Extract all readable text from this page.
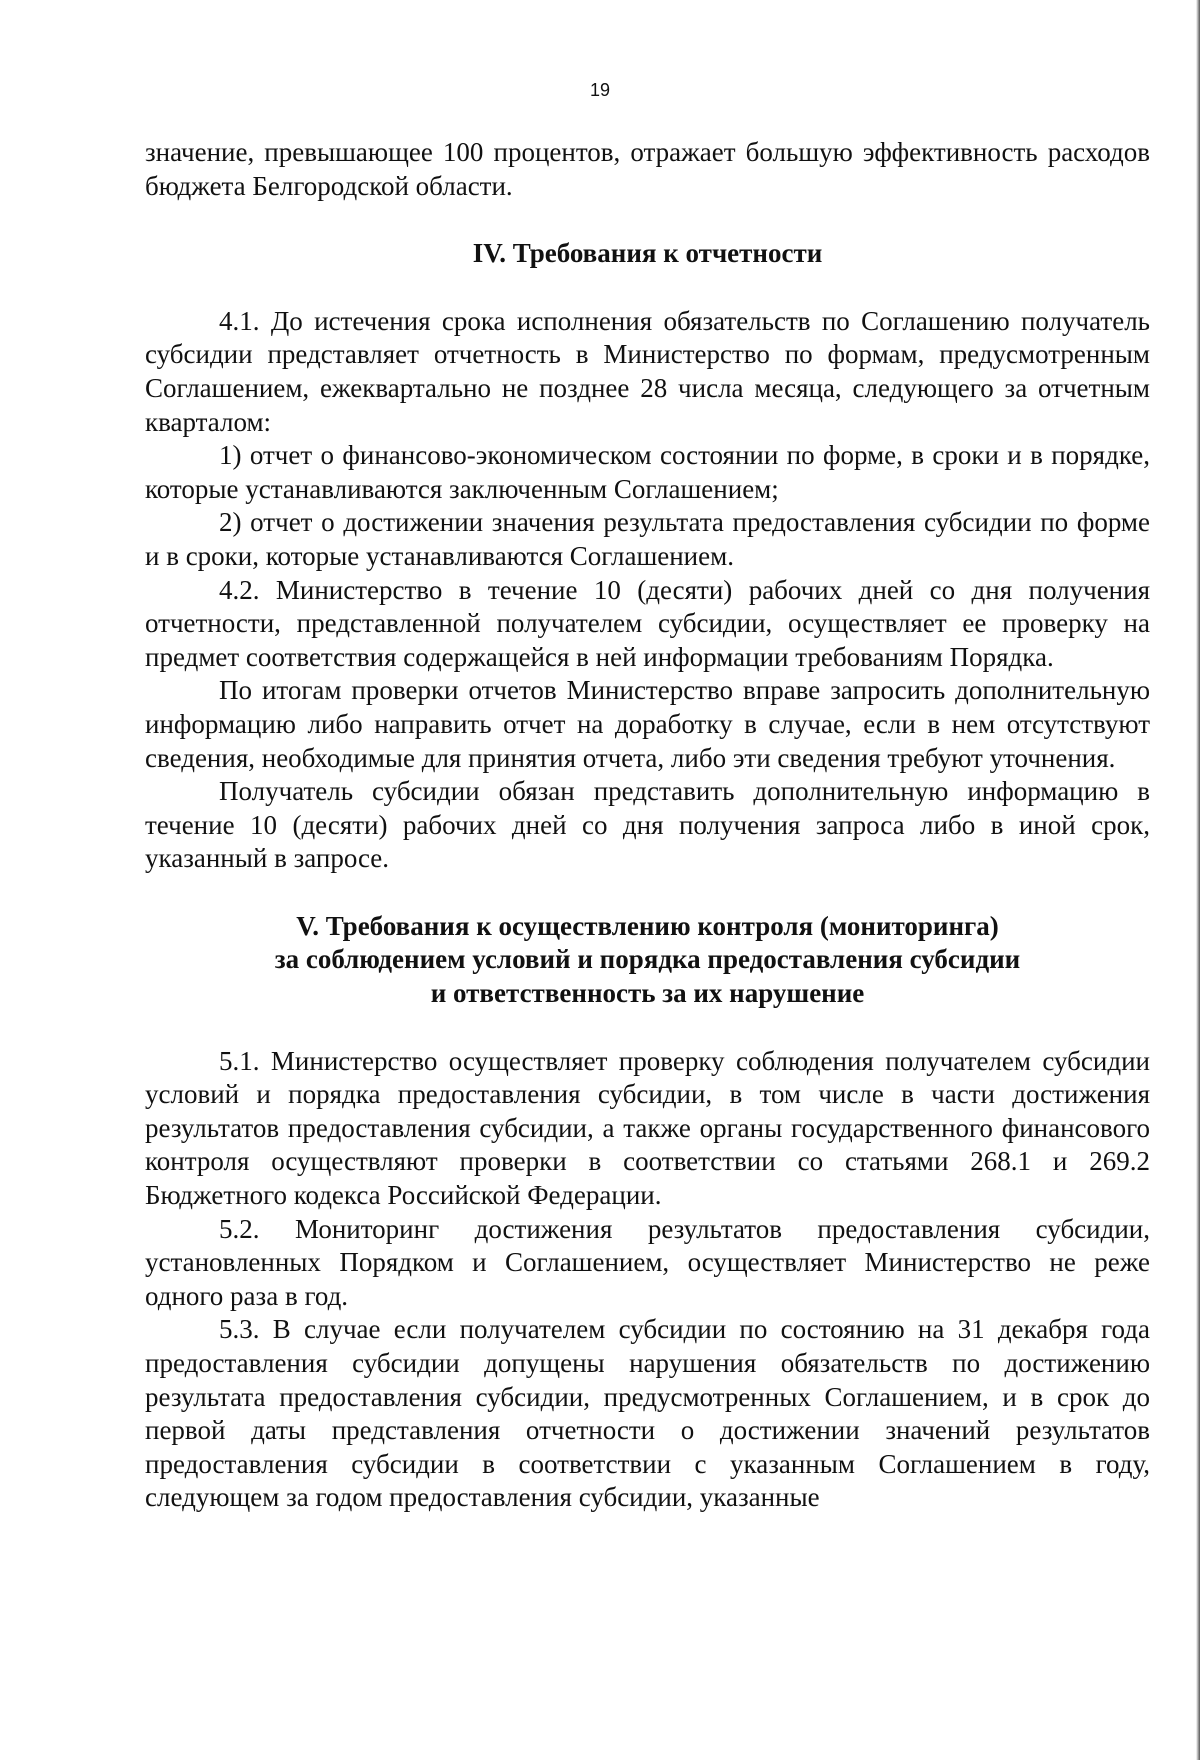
19

значение, превышающее 100 процентов, отражает большую эффективность расходов бюджета Белгородской области.

IV. Требования к отчетности

4.1. До истечения срока исполнения обязательств по Соглашению получатель субсидии представляет отчетность в Министерство по формам, предусмотренным Соглашением, ежеквартально не позднее 28 числа месяца, следующего за отчетным кварталом:

1) отчет о финансово-экономическом состоянии по форме, в сроки и в порядке, которые устанавливаются заключенным Соглашением;

2) отчет о достижении значения результата предоставления субсидии по форме и в сроки, которые устанавливаются Соглашением.

4.2. Министерство в течение 10 (десяти) рабочих дней со дня получения отчетности, представленной получателем субсидии, осуществляет ее проверку на предмет соответствия содержащейся в ней информации требованиям Порядка.

По итогам проверки отчетов Министерство вправе запросить дополнительную информацию либо направить отчет на доработку в случае, если в нем отсутствуют сведения, необходимые для принятия отчета, либо эти сведения требуют уточнения.

Получатель субсидии обязан представить дополнительную информацию в течение 10 (десяти) рабочих дней со дня получения запроса либо в иной срок, указанный в запросе.

V. Требования к осуществлению контроля (мониторинга)
за соблюдением условий и порядка предоставления субсидии
и ответственность за их нарушение

5.1. Министерство осуществляет проверку соблюдения получателем субсидии условий и порядка предоставления субсидии, в том числе в части достижения результатов предоставления субсидии, а также органы государственного финансового контроля осуществляют проверки в соответствии со статьями 268.1 и 269.2 Бюджетного кодекса Российской Федерации.

5.2. Мониторинг достижения результатов предоставления субсидии, установленных Порядком и Соглашением, осуществляет Министерство не реже одного раза в год.

5.3. В случае если получателем субсидии по состоянию на 31 декабря года предоставления субсидии допущены нарушения обязательств по достижению результата предоставления субсидии, предусмотренных Соглашением, и в срок до первой даты представления отчетности о достижении значений результатов предоставления субсидии в соответствии с указанным Соглашением в году, следующем за годом предоставления субсидии, указанные
